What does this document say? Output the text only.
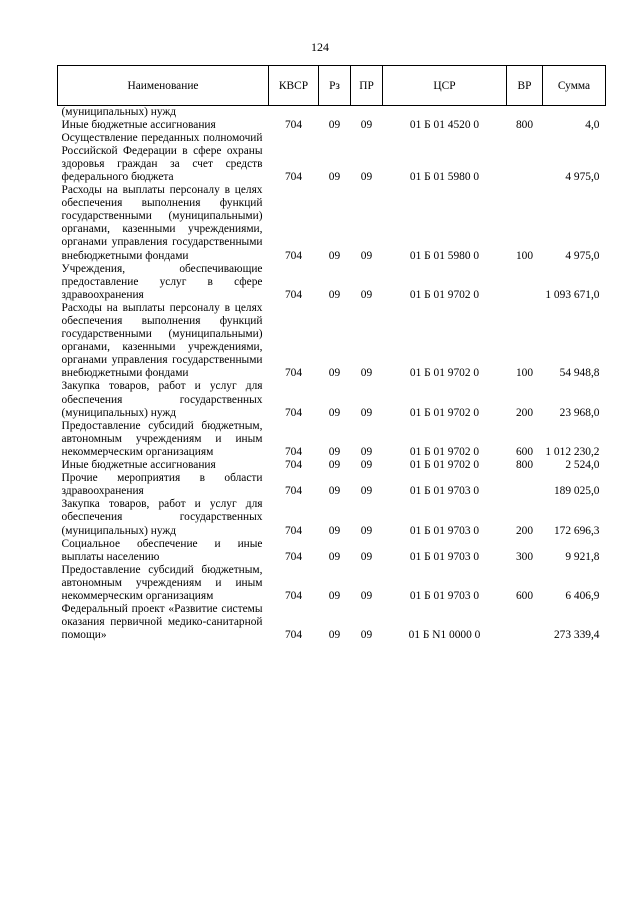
124
Наименование	КВСР	Рз	ПР	ЦСР	ВР	Сумма
(муниципальных) нужд						
Иные бюджетные ассигнования	704	09	09	01 Б 01 4520 0	800	4,0
Осуществление переданных полномочий Российской Федерации в сфере охраны здоровья граждан за счет средств федерального бюджета	704	09	09	01 Б 01 5980 0		4 975,0
Расходы на выплаты персоналу в целях обеспечения выполнения функций государственными (муниципальными) органами, казенными учреждениями, органами управления государственными внебюджетными фондами	704	09	09	01 Б 01 5980 0	100	4 975,0
Учреждения, обеспечивающие предоставление услуг в сфере здравоохранения	704	09	09	01 Б 01 9702 0		1 093 671,0
Расходы на выплаты персоналу в целях обеспечения выполнения функций государственными (муниципальными) органами, казенными учреждениями, органами управления государственными внебюджетными фондами	704	09	09	01 Б 01 9702 0	100	54 948,8
Закупка товаров, работ и услуг для обеспечения государственных (муниципальных) нужд	704	09	09	01 Б 01 9702 0	200	23 968,0
Предоставление субсидий бюджетным, автономным учреждениям и иным некоммерческим организациям	704	09	09	01 Б 01 9702 0	600	1 012 230,2
Иные бюджетные ассигнования	704	09	09	01 Б 01 9702 0	800	2 524,0
Прочие мероприятия в области здравоохранения	704	09	09	01 Б 01 9703 0		189 025,0
Закупка товаров, работ и услуг для обеспечения государственных (муниципальных) нужд	704	09	09	01 Б 01 9703 0	200	172 696,3
Социальное обеспечение и иные выплаты населению	704	09	09	01 Б 01 9703 0	300	9 921,8
Предоставление субсидий бюджетным, автономным учреждениям и иным некоммерческим организациям	704	09	09	01 Б 01 9703 0	600	6 406,9
Федеральный проект «Развитие системы оказания первичной медико-санитарной помощи»	704	09	09	01 Б N1 0000 0		273 339,4
